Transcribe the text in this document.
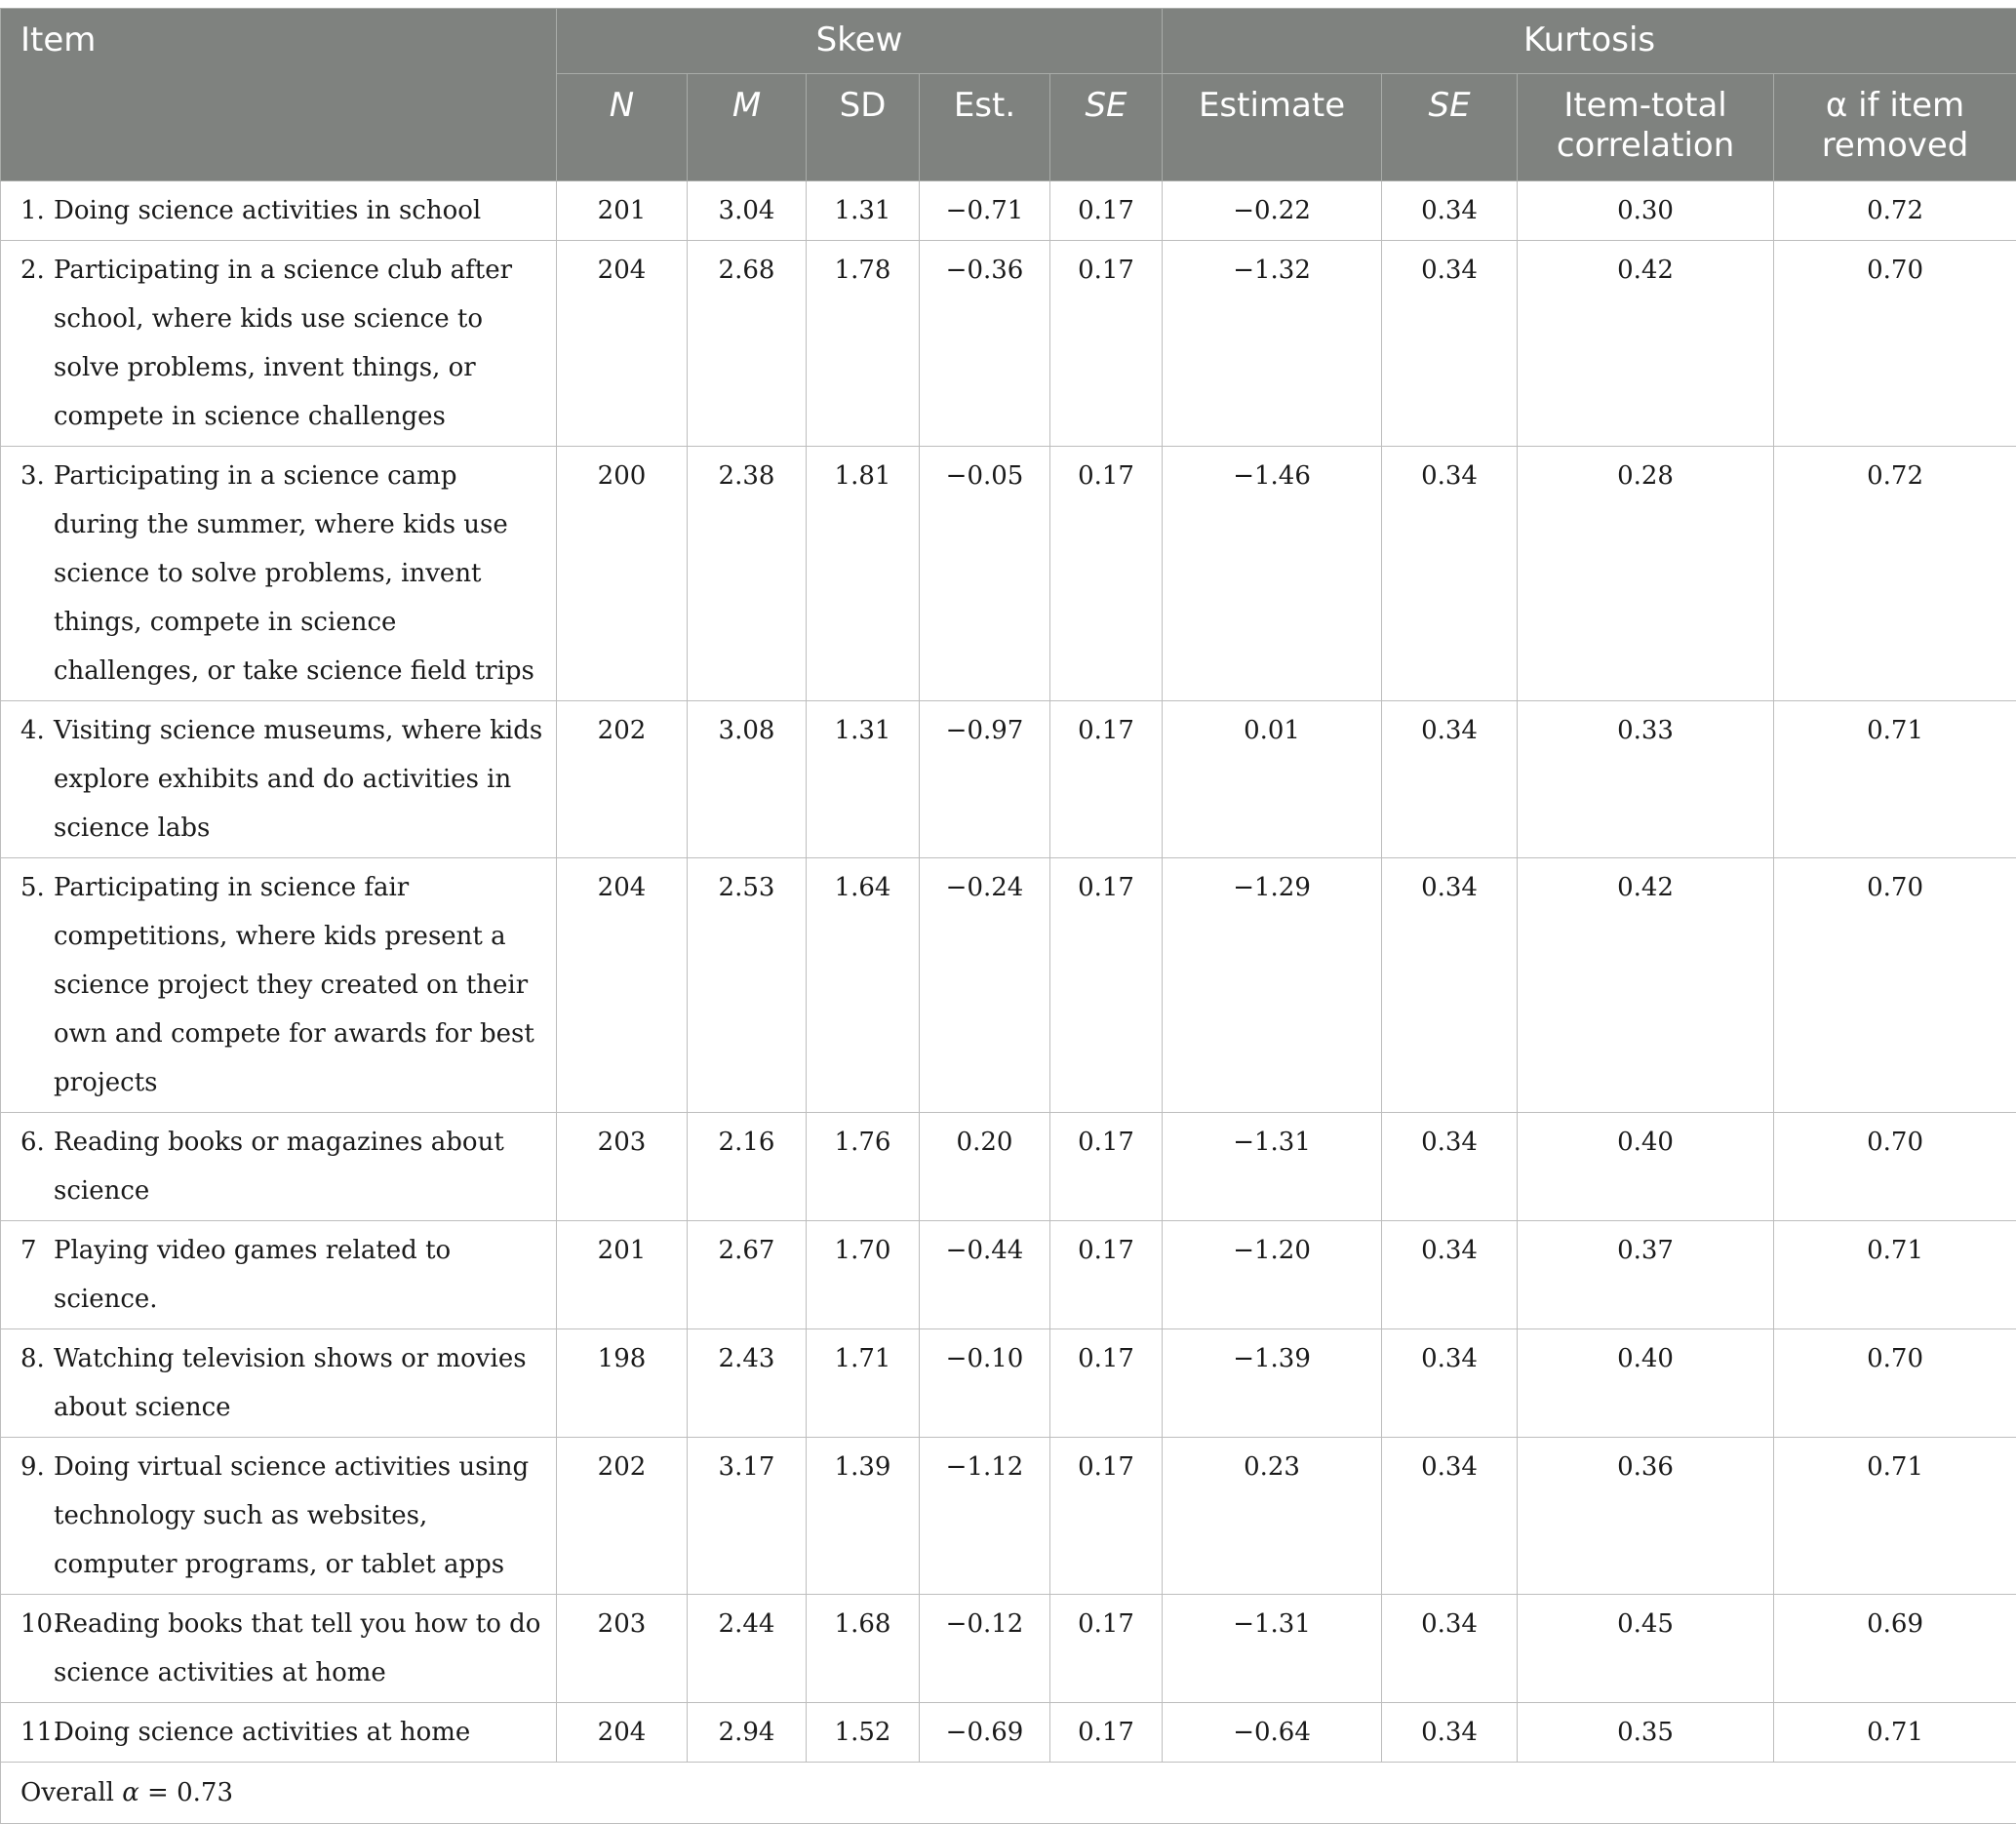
Item	Skew					Kurtosis			
	N	M	SD	Est.	SE	Estimate	SE	Item-total correlation	α if item removed

1. Doing science activities in school	201	3.04	1.31	−0.71	0.17	−0.22	0.34	0.30	0.72

2. Participating in a science club after school, where kids use science to solve problems, invent things, or compete in science challenges	204	2.68	1.78	−0.36	0.17	−1.32	0.34	0.42	0.70

3. Participating in a science camp during the summer, where kids use science to solve problems, invent things, compete in science challenges, or take science field trips	200	2.38	1.81	−0.05	0.17	−1.46	0.34	0.28	0.72

4. Visiting science museums, where kids explore exhibits and do activities in science labs	202	3.08	1.31	−0.97	0.17	0.01	0.34	0.33	0.71

5. Participating in science fair competitions, where kids present a science project they created on their own and compete for awards for best projects	204	2.53	1.64	−0.24	0.17	−1.29	0.34	0.42	0.70

6. Reading books or magazines about science	203	2.16	1.76	0.20	0.17	−1.31	0.34	0.40	0.70

7 Playing video games related to science.	201	2.67	1.70	−0.44	0.17	−1.20	0.34	0.37	0.71

8. Watching television shows or movies about science	198	2.43	1.71	−0.10	0.17	−1.39	0.34	0.40	0.70

9. Doing virtual science activities using technology such as websites, computer programs, or tablet apps	202	3.17	1.39	−1.12	0.17	0.23	0.34	0.36	0.71

10.Reading books that tell you how to do science activities at home	203	2.44	1.68	−0.12	0.17	−1.31	0.34	0.45	0.69

11.Doing science activities at home	204	2.94	1.52	−0.69	0.17	−0.64	0.34	0.35	0.71
Overall α = 0.73									
